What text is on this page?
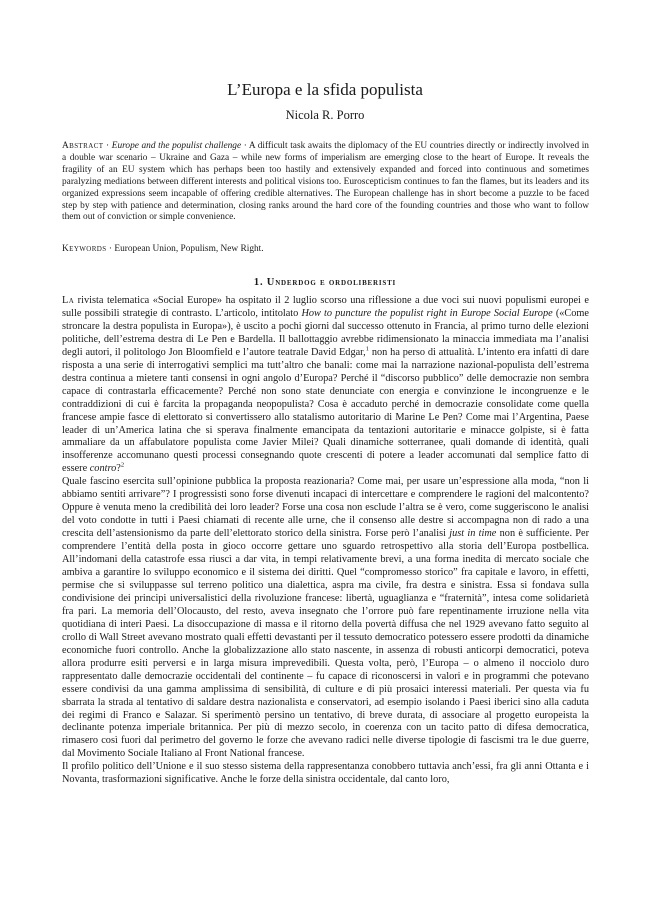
L’Europa e la sfida populista

Nicola R. Porro

Abstract · Europe and the populist challenge · A difficult task awaits the diplomacy of the EU countries directly or indirectly involved in a double war scenario – Ukraine and Gaza – while new forms of imperialism are emerging close to the heart of Europe. It reveals the fragility of an EU system which has perhaps been too hastily and extensively expanded and forced into continuous and sometimes paralyzing mediations between different interests and political visions too. Euroscepticism continues to fan the flames, but its leaders and its organized expressions seem incapable of offering credible alternatives. The European challenge has in short become a puzzle to be faced step by step with patience and determination, closing ranks around the hard core of the founding countries and those who want to follow them out of conviction or simple convenience.

Keywords · European Union, Populism, New Right.

1. Underdog e ordoliberisti

La rivista telematica «Social Europe» ha ospitato il 2 luglio scorso una riflessione a due voci sui nuovi populismi europei e sulle possibili strategie di contrasto. L’articolo, intitolato How to puncture the populist right in Europe Social Europe («Come stroncare la destra populista in Europa»), è uscito a pochi giorni dal successo ottenuto in Francia, al primo turno delle elezioni politiche, dell’estrema destra di Le Pen e Bardella. Il ballottaggio avrebbe ridimensionato la minaccia immediata ma l’analisi degli autori, il politologo Jon Bloomfield e l’autore teatrale David Edgar,$^1$ non ha perso di attualità. L’intento era infatti di dare risposta a una serie di interrogativi semplici ma tutt’altro che banali: come mai la narrazione nazional-populista dell’estrema destra continua a mietere tanti consensi in ogni angolo d’Europa? Perché il “discorso pubblico” delle democrazie non sembra capace di contrastarla efficacemente? Perché non sono state denunciate con energia e convinzione le incongruenze e le contraddizioni di cui è farcita la propaganda neopopulista? Cosa è accaduto perché in democrazie consolidate come quella francese ampie fasce di elettorato si convertissero allo statalismo autoritario di Marine Le Pen? Come mai l’Argentina, Paese leader di un’America latina che si sperava finalmente emancipata da tentazioni autoritarie e minacce golpiste, si è fatta ammaliare da un affabulatore populista come Javier Milei? Quali dinamiche sotterranee, quali domande di identità, quali insofferenze accomunano questi processi consegnando quote crescenti di potere a leader accomunati dal semplice fatto di essere contro?$^2$

Quale fascino esercita sull’opinione pubblica la proposta reazionaria? Come mai, per usare un’espressione alla moda, “non li abbiamo sentiti arrivare”? I progressisti sono forse divenuti incapaci di intercettare e comprendere le ragioni del malcontento? Oppure è venuta meno la credibilità dei loro leader? Forse una cosa non esclude l’altra se è vero, come suggeriscono le analisi del voto condotte in tutti i Paesi chiamati di recente alle urne, che il consenso alle destre si accompagna non di rado a una crescita dell’astensionismo da parte dell’elettorato storico della sinistra. Forse però l’analisi just in time non è sufficiente. Per comprendere l’entità della posta in gioco occorre gettare uno sguardo retrospettivo alla storia dell’Europa postbellica. All’indomani della catastrofe essa riuscì a dar vita, in tempi relativamente brevi, a una forma inedita di mercato sociale che ambiva a garantire lo sviluppo economico e il sistema dei diritti. Quel “compromesso storico” fra capitale e lavoro, in effetti, permise che si sviluppasse sul terreno politico una dialettica, aspra ma civile, fra destra e sinistra. Essa si fondava sulla condivisione dei principi universalistici della rivoluzione francese: libertà, uguaglianza e “fraternità”, intesa come solidarietà fra pari. La memoria dell’Olocausto, del resto, aveva insegnato che l’orrore può fare repentinamente irruzione nella vita quotidiana di interi Paesi. La disoccupazione di massa e il ritorno della povertà diffusa che nel 1929 avevano fatto seguito al crollo di Wall Street avevano mostrato quali effetti devastanti per il tessuto democratico potessero essere prodotti da dinamiche economiche fuori controllo. Anche la globalizzazione allo stato nascente, in assenza di robusti anticorpi democratici, poteva allora produrre esiti perversi e in larga misura imprevedibili. Questa volta, però, l’Europa – o almeno il nocciolo duro rappresentato dalle democrazie occidentali del continente – fu capace di riconoscersi in valori e in programmi che potevano essere condivisi da una gamma amplissima di sensibilità, di culture e di più prosaici interessi materiali. Per questa via fu sbarrata la strada al tentativo di saldare destra nazionalista e conservatori, ad esempio isolando i Paesi iberici sino alla caduta dei regimi di Franco e Salazar. Si sperimentò persino un tentativo, di breve durata, di associare al progetto europeista la declinante potenza imperiale britannica. Per più di mezzo secolo, in coerenza con un tacito patto di difesa democratica, rimasero così fuori dal perimetro del governo le forze che avevano radici nelle diverse tipologie di fascismi tra le due guerre, dal Movimento Sociale Italiano al Front National francese.

Il profilo politico dell’Unione e il suo stesso sistema della rappresentanza conobbero tuttavia anch’essi, fra gli anni Ottanta e i Novanta, trasformazioni significative. Anche le forze della sinistra occidentale, dal canto loro,
